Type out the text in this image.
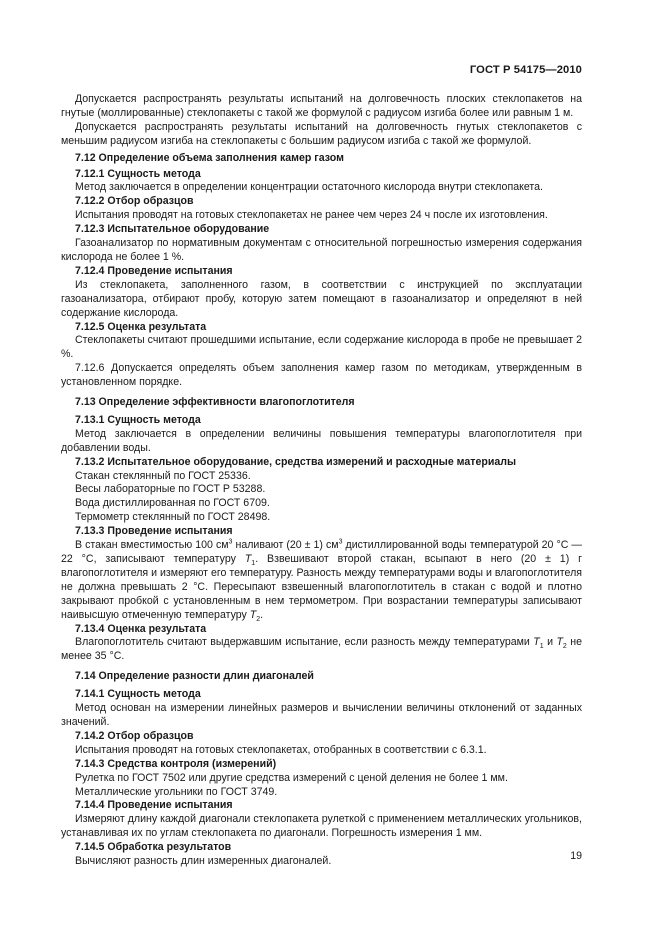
ГОСТ Р 54175—2010

Допускается распространять результаты испытаний на долговечность плоских стеклопакетов на гнутые (моллированные) стеклопакеты с такой же формулой с радиусом изгиба более или равным 1 м.

Допускается распространять результаты испытаний на долговечность гнутых стеклопакетов с меньшим радиусом изгиба на стеклопакеты с большим радиусом изгиба с такой же формулой.

7.12 Определение объема заполнения камер газом
7.12.1 Сущность метода

Метод заключается в определении концентрации остаточного кислорода внутри стеклопакета.

7.12.2 Отбор образцов

Испытания проводят на готовых стеклопакетах не ранее чем через 24 ч после их изготовления.

7.12.3 Испытательное оборудование

Газоанализатор по нормативным документам с относительной погрешностью измерения содержания кислорода не более 1 %.

7.12.4 Проведение испытания

Из стеклопакета, заполненного газом, в соответствии с инструкцией по эксплуатации газоанализатора, отбирают пробу, которую затем помещают в газоанализатор и определяют в ней содержание кислорода.

7.12.5 Оценка результата

Стеклопакеты считают прошедшими испытание, если содержание кислорода в пробе не превышает 2 %.

7.12.6 Допускается определять объем заполнения камер газом по методикам, утвержденным в установленном порядке.

7.13 Определение эффективности влагопоглотителя
7.13.1 Сущность метода

Метод заключается в определении величины повышения температуры влагопоглотителя при добавлении воды.

7.13.2 Испытательное оборудование, средства измерений и расходные материалы

Стакан стеклянный по ГОСТ 25336.

Весы лабораторные по ГОСТ Р 53288.

Вода дистиллированная по ГОСТ 6709.

Термометр стеклянный по ГОСТ 28498.

7.13.3 Проведение испытания

В стакан вместимостью 100 $см^3$ наливают (20 ± 1) $см^3$ дистиллированной воды температурой 20 °С — 22 °С, записывают температуру $T_1$. Взвешивают второй стакан, всыпают в него (20 ± 1) г влагопоглотителя и измеряют его температуру. Разность между температурами воды и влагопоглотителя не должна превышать 2 °С. Пересыпают взвешенный влагопоглотитель в стакан с водой и плотно закрывают пробкой с установленным в нем термометром. При возрастании температуры записывают наивысшую отмеченную температуру $T_2$.

7.13.4 Оценка результата

Влагопоглотитель считают выдержавшим испытание, если разность между температурами $T_1$ и $T_2$ не менее 35 °С.

7.14 Определение разности длин диагоналей
7.14.1 Сущность метода

Метод основан на измерении линейных размеров и вычислении величины отклонений от заданных значений.

7.14.2 Отбор образцов

Испытания проводят на готовых стеклопакетах, отобранных в соответствии с 6.3.1.

7.14.3 Средства контроля (измерений)

Рулетка по ГОСТ 7502 или другие средства измерений с ценой деления не более 1 мм.

Металлические угольники по ГОСТ 3749.

7.14.4 Проведение испытания

Измеряют длину каждой диагонали стеклопакета рулеткой с применением металлических угольников, устанавливая их по углам стеклопакета по диагонали. Погрешность измерения 1 мм.

7.14.5 Обработка результатов

Вычисляют разность длин измеренных диагоналей.	19
